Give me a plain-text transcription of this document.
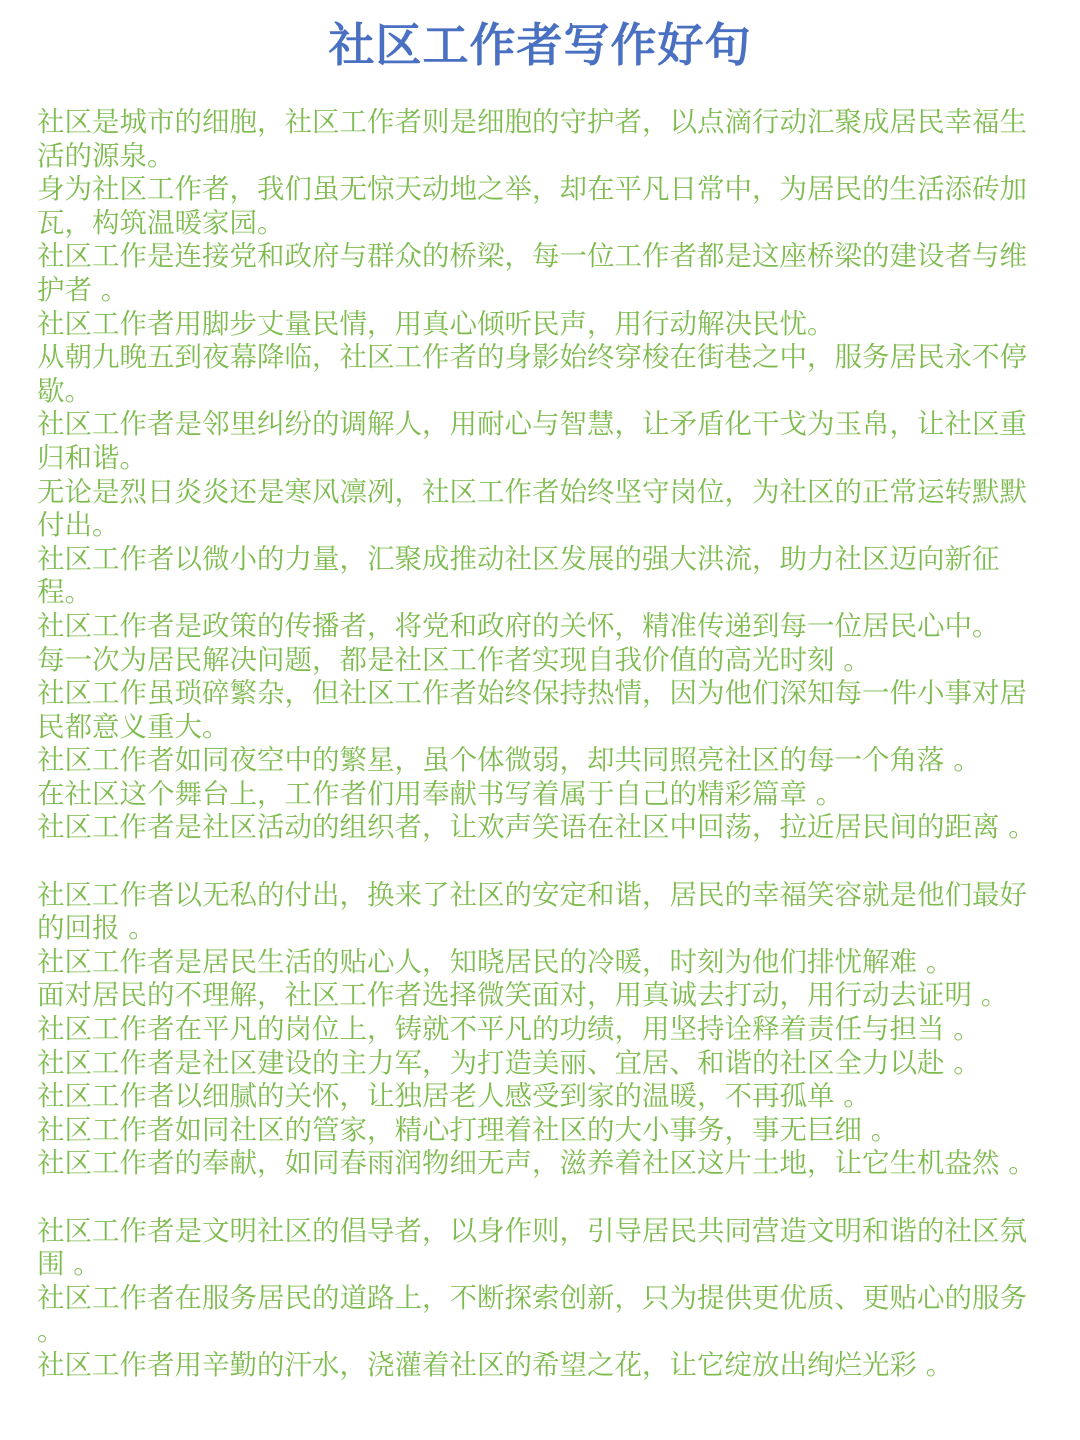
社区工作者写作好句

社区是城市的细胞，社区工作者则是细胞的守护者，以点滴行动汇聚成居民幸福生活的源泉。

身为社区工作者，我们虽无惊天动地之举，却在平凡日常中，为居民的生活添砖加瓦，构筑温暖家园。

社区工作是连接党和政府与群众的桥梁，每一位工作者都是这座桥梁的建设者与维护者 。

社区工作者用脚步丈量民情，用真心倾听民声，用行动解决民忧。

从朝九晚五到夜幕降临，社区工作者的身影始终穿梭在街巷之中，服务居民永不停歇。

社区工作者是邻里纠纷的调解人，用耐心与智慧，让矛盾化干戈为玉帛，让社区重归和谐。

无论是烈日炎炎还是寒风凛冽，社区工作者始终坚守岗位，为社区的正常运转默默付出。

社区工作者以微小的力量，汇聚成推动社区发展的强大洪流，助力社区迈向新征程。

社区工作者是政策的传播者，将党和政府的关怀，精准传递到每一位居民心中。

每一次为居民解决问题，都是社区工作者实现自我价值的高光时刻 。

社区工作虽琐碎繁杂，但社区工作者始终保持热情，因为他们深知每一件小事对居民都意义重大。

社区工作者如同夜空中的繁星，虽个体微弱，却共同照亮社区的每一个角落 。

在社区这个舞台上，工作者们用奉献书写着属于自己的精彩篇章 。

社区工作者是社区活动的组织者，让欢声笑语在社区中回荡，拉近居民间的距离 。

社区工作者以无私的付出，换来了社区的安定和谐，居民的幸福笑容就是他们最好的回报 。

社区工作者是居民生活的贴心人，知晓居民的冷暖，时刻为他们排忧解难 。

面对居民的不理解，社区工作者选择微笑面对，用真诚去打动，用行动去证明 。

社区工作者在平凡的岗位上，铸就不平凡的功绩，用坚持诠释着责任与担当 。

社区工作者是社区建设的主力军，为打造美丽、宜居、和谐的社区全力以赴 。

社区工作者以细腻的关怀，让独居老人感受到家的温暖，不再孤单 。

社区工作者如同社区的管家，精心打理着社区的大小事务，事无巨细 。

社区工作者的奉献，如同春雨润物细无声，滋养着社区这片土地，让它生机盎然 。

社区工作者是文明社区的倡导者，以身作则，引导居民共同营造文明和谐的社区氛围 。

社区工作者在服务居民的道路上，不断探索创新，只为提供更优质、更贴心的服务 。

社区工作者用辛勤的汗水，浇灌着社区的希望之花，让它绽放出绚烂光彩 。
